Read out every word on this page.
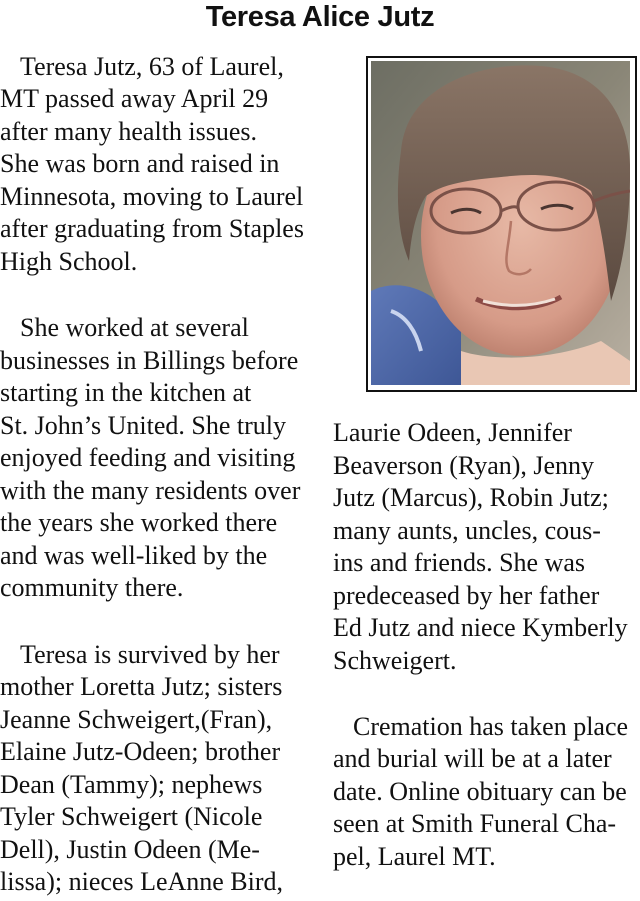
Teresa Alice Jutz
Teresa Jutz, 63 of Laurel,
MT passed away April 29
after many health issues.
She was born and raised in
Minnesota, moving to Laurel
after graduating from Staples
High School.
She worked at several
businesses in Billings before
starting in the kitchen at
St. John’s United. She truly
enjoyed feeding and visiting
with the many residents over
the years she worked there
and was well-liked by the
community there.
Teresa is survived by her
mother Loretta Jutz; sisters
Jeanne Schweigert,(Fran),
Elaine Jutz-Odeen; brother
Dean (Tammy); nephews
Tyler Schweigert (Nicole
Dell), Justin Odeen (Me-
lissa); nieces LeAnne Bird,
Laurie Odeen, Jennifer
Beaverson (Ryan), Jenny
Jutz (Marcus), Robin Jutz;
many aunts, uncles, cous-
ins and friends. She was
predeceased by her father
Ed Jutz and niece Kymberly
Schweigert.
Cremation has taken place
and burial will be at a later
date. Online obituary can be
seen at Smith Funeral Cha-
pel, Laurel MT.
